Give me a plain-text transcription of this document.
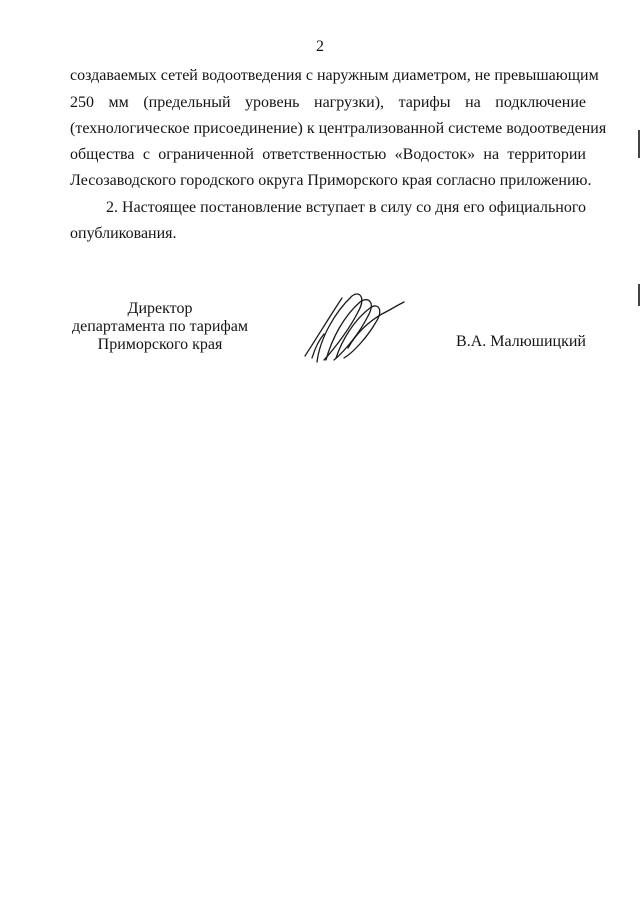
2
создаваемых сетей водоотведения с наружным диаметром, не превышающим
250 мм (предельный уровень нагрузки), тарифы на подключение
(технологическое присоединение) к централизованной системе водоотведения
общества с ограниченной ответственностью «Водосток» на территории
Лесозаводского городского округа Приморского края согласно приложению.
2. Настоящее постановление вступает в силу со дня его официального
опубликования.
Директор
департамента по тарифам
Приморского края	В.А. Малюшицкий
